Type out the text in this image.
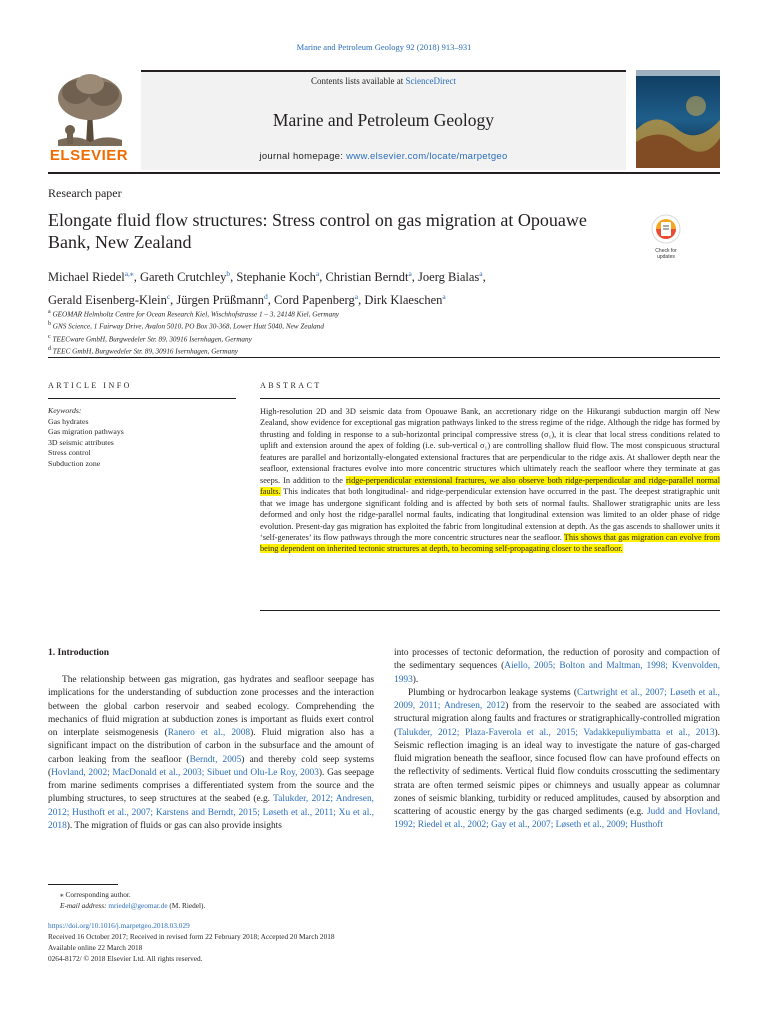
Marine and Petroleum Geology 92 (2018) 913–931
ELSEVIER
Contents lists available at ScienceDirect
Marine and Petroleum Geology
journal homepage: www.elsevier.com/locate/marpetgeo
Research paper
Elongate fluid flow structures: Stress control on gas migration at Opouawe Bank, New Zealand	Check for
updates
Michael Riedel$^{a,⁎}$, Gareth Crutchley$^b$, Stephanie Koch$^a$, Christian Berndt$^a$, Joerg Bialas$^a$,
Gerald Eisenberg-Klein$^c$, Jürgen Prüßmann$^d$, Cord Papenberg$^a$, Dirk Klaeschen$^a$
$^a$ GEOMAR Helmholtz Centre for Ocean Research Kiel, Wischhofstrasse 1 – 3, 24148 Kiel, Germany
$^b$ GNS Science, 1 Fairway Drive, Avalon 5010, PO Box 30-368, Lower Hutt 5040, New Zealand
$^c$ TEECware GmbH, Burgwedeler Str. 89, 30916 Isernhagen, Germany
$^d$ TEEC GmbH, Burgwedeler Str. 89, 30916 Isernhagen, Germany
ARTICLE INFO	ABSTRACT
Keywords:
Gas hydrates
Gas migration pathways
3D seismic attributes
Stress control
Subduction zone
High-resolution 2D and 3D seismic data from Opouawe Bank, an accretionary ridge on the Hikurangi subduction margin off New Zealand, show evidence for exceptional gas migration pathways linked to the stress regime of the ridge. Although the ridge has formed by thrusting and folding in response to a sub-horizontal principal compressive stress (σ₁), it is clear that local stress conditions related to uplift and extension around the apex of folding (i.e. sub-vertical σ₁) are controlling shallow fluid flow. The most conspicuous structural features are parallel and horizontally-elongated extensional fractures that are perpendicular to the ridge axis. At shallower depth near the seafloor, extensional fractures evolve into more concentric structures which ultimately reach the seafloor where they terminate at gas seeps. In addition to the ridge-perpendicular extensional fractures, we also observe both ridge-perpendicular and ridge-parallel normal faults. This indicates that both longitudinal- and ridge-perpendicular extension have occurred in the past. The deepest stratigraphic unit that we image has undergone significant folding and is affected by both sets of normal faults. Shallower stratigraphic units are less deformed and only host the ridge-parallel normal faults, indicating that longitudinal extension was limited to an older phase of ridge evolution. Present-day gas migration has exploited the fabric from longitudinal extension at depth. As the gas ascends to shallower units it ‘self-generates’ its flow pathways through the more concentric structures near the seafloor. This shows that gas migration can evolve from being dependent on inherited tectonic structures at depth, to becoming self-propagating closer to the seafloor.
1. Introduction

The relationship between gas migration, gas hydrates and seafloor seepage has implications for the understanding of subduction zone processes and the interaction between the global carbon reservoir and seabed ecology. Comprehending the mechanics of fluid migration at subduction zones is important as fluids exert control on interplate seismogenesis (Ranero et al., 2008). Fluid migration also has a significant impact on the distribution of carbon in the subsurface and the amount of carbon leaking from the seafloor (Berndt, 2005) and thereby cold seep systems (Hovland, 2002; MacDonald et al., 2003; Sibuet und Olu-Le Roy, 2003). Gas seepage from marine sediments comprises a differentiated system from the source and the plumbing structures, to seep structures at the seabed (e.g. Talukder, 2012; Andresen, 2012; Husthoft et al., 2007; Karstens and Berndt, 2015; Løseth et al., 2011; Xu et al., 2018). The migration of fluids or gas can also provide insights

into processes of tectonic deformation, the reduction of porosity and compaction of the sedimentary sequences (Aiello, 2005; Bolton and Maltman, 1998; Kvenvolden, 1993).

Plumbing or hydrocarbon leakage systems (Cartwright et al., 2007; Løseth et al., 2009, 2011; Andresen, 2012) from the reservoir to the seabed are associated with structural migration along faults and fractures or stratigraphically-controlled migration (Talukder, 2012; Plaza-Faverola et al., 2015; Vadakkepuliymbatta et al., 2013). Seismic reflection imaging is an ideal way to investigate the nature of gas-charged fluid migration beneath the seafloor, since focused flow can have profound effects on the reflectivity of sediments. Vertical fluid flow conduits crosscutting the sedimentary strata are often termed seismic pipes or chimneys and usually appear as columnar zones of seismic blanking, turbidity or reduced amplitudes, caused by absorption and scattering of acoustic energy by the gas charged sediments (e.g. Judd and Hovland, 1992; Riedel et al., 2002; Gay et al., 2007; Løseth et al., 2009; Husthoft

⁎ Corresponding author.
E-mail address: mriedel@geomar.de (M. Riedel).
https://doi.org/10.1016/j.marpetgeo.2018.03.029
Received 16 October 2017; Received in revised form 22 February 2018; Accepted 20 March 2018
Available online 22 March 2018
0264-8172/ © 2018 Elsevier Ltd. All rights reserved.
